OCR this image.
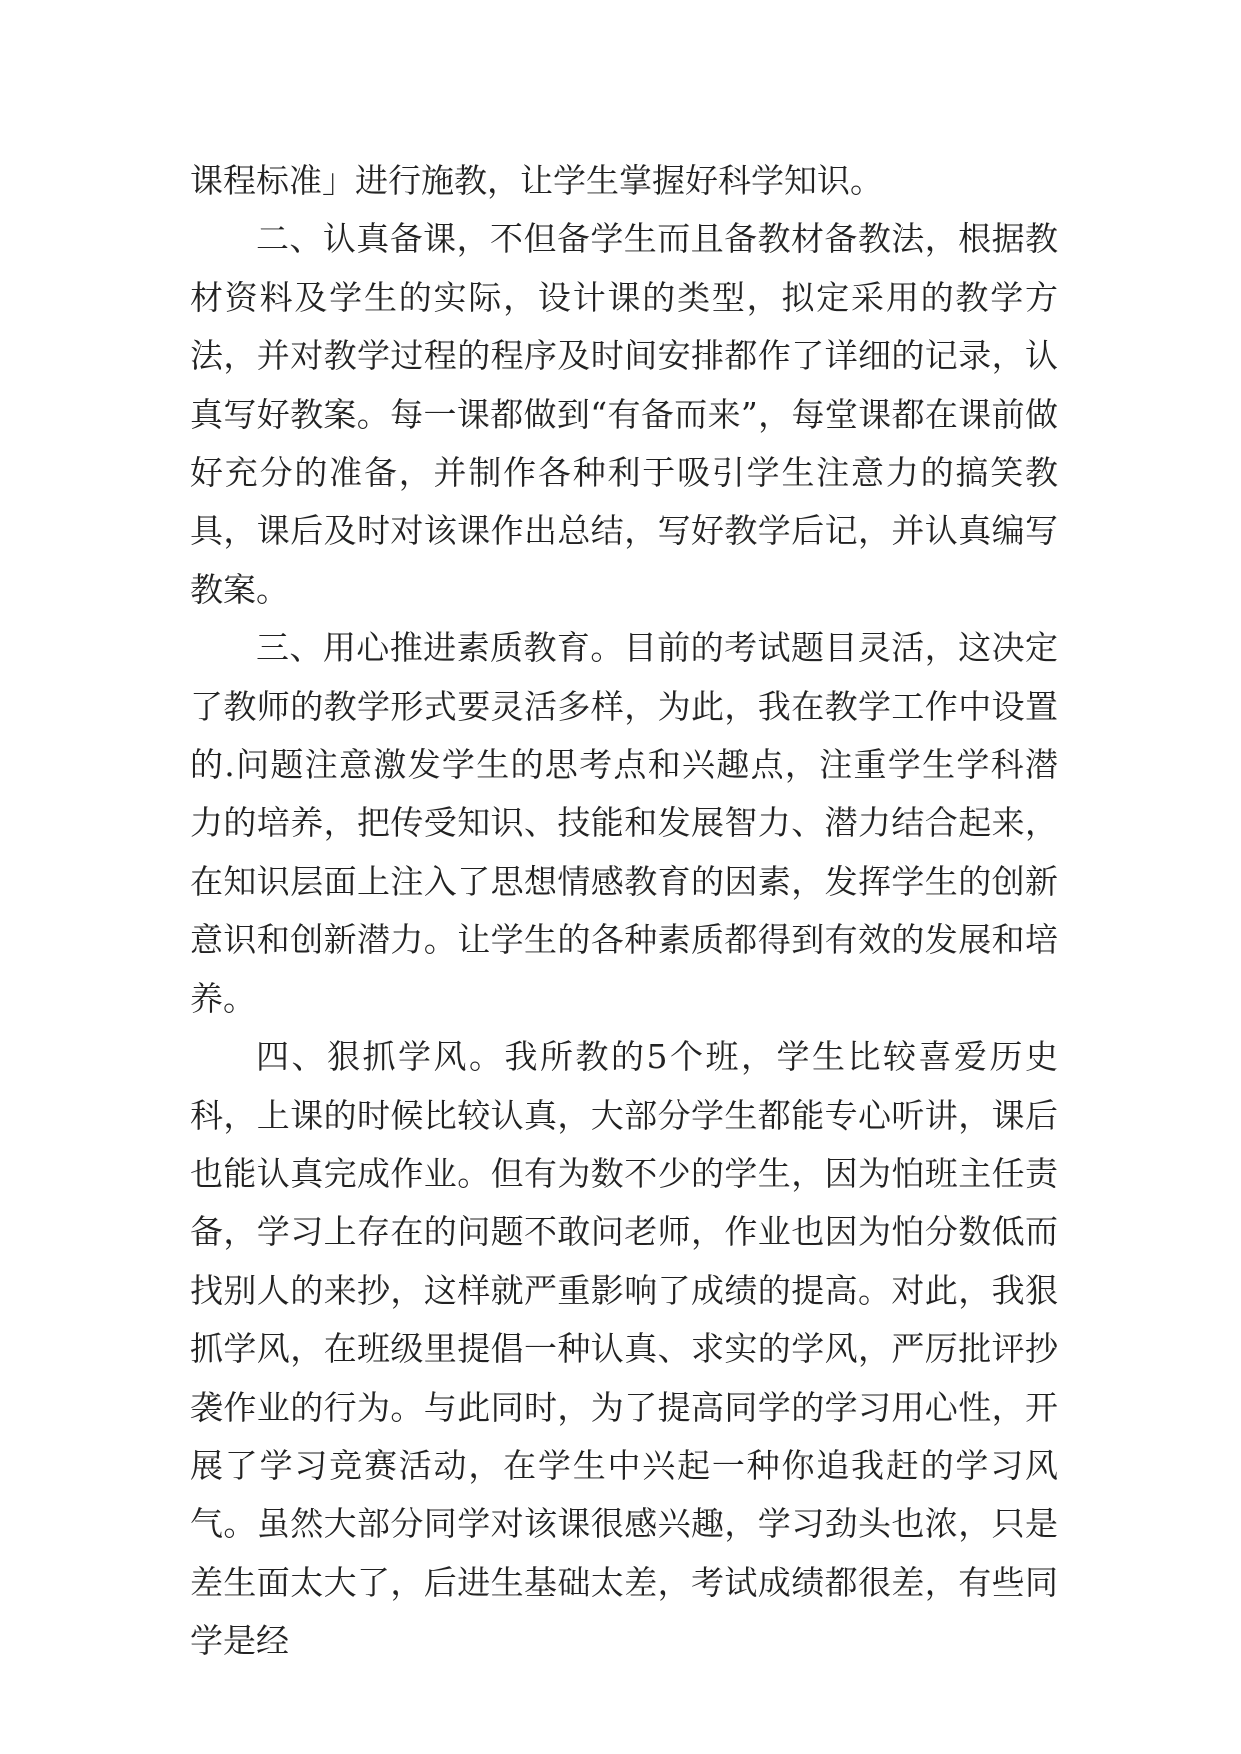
课程标准」进行施教，让学生掌握好科学知识。

二、认真备课，不但备学生而且备教材备教法，根据教材资料及学生的实际，设计课的类型，拟定采用的教学方法，并对教学过程的程序及时间安排都作了详细的记录，认真写好教案。每一课都做到“有备而来”，每堂课都在课前做好充分的准备，并制作各种利于吸引学生注意力的搞笑教具，课后及时对该课作出总结，写好教学后记，并认真编写教案。

三、用心推进素质教育。目前的考试题目灵活，这决定了教师的教学形式要灵活多样，为此，我在教学工作中设置的.问题注意激发学生的思考点和兴趣点，注重学生学科潜力的培养，把传受知识、技能和发展智力、潜力结合起来，在知识层面上注入了思想情感教育的因素，发挥学生的创新意识和创新潜力。让学生的各种素质都得到有效的发展和培养。

四、狠抓学风。我所教的5个班，学生比较喜爱历史科，上课的时候比较认真，大部分学生都能专心听讲，课后也能认真完成作业。但有为数不少的学生，因为怕班主任责备，学习上存在的问题不敢问老师，作业也因为怕分数低而找别人的来抄，这样就严重影响了成绩的提高。对此，我狠抓学风，在班级里提倡一种认真、求实的学风，严厉批评抄袭作业的行为。与此同时，为了提高同学的学习用心性，开展了学习竞赛活动，在学生中兴起一种你追我赶的学习风气。虽然大部分同学对该课很感兴趣，学习劲头也浓，只是差生面太大了，后进生基础太差，考试成绩都很差，有些同学是经
